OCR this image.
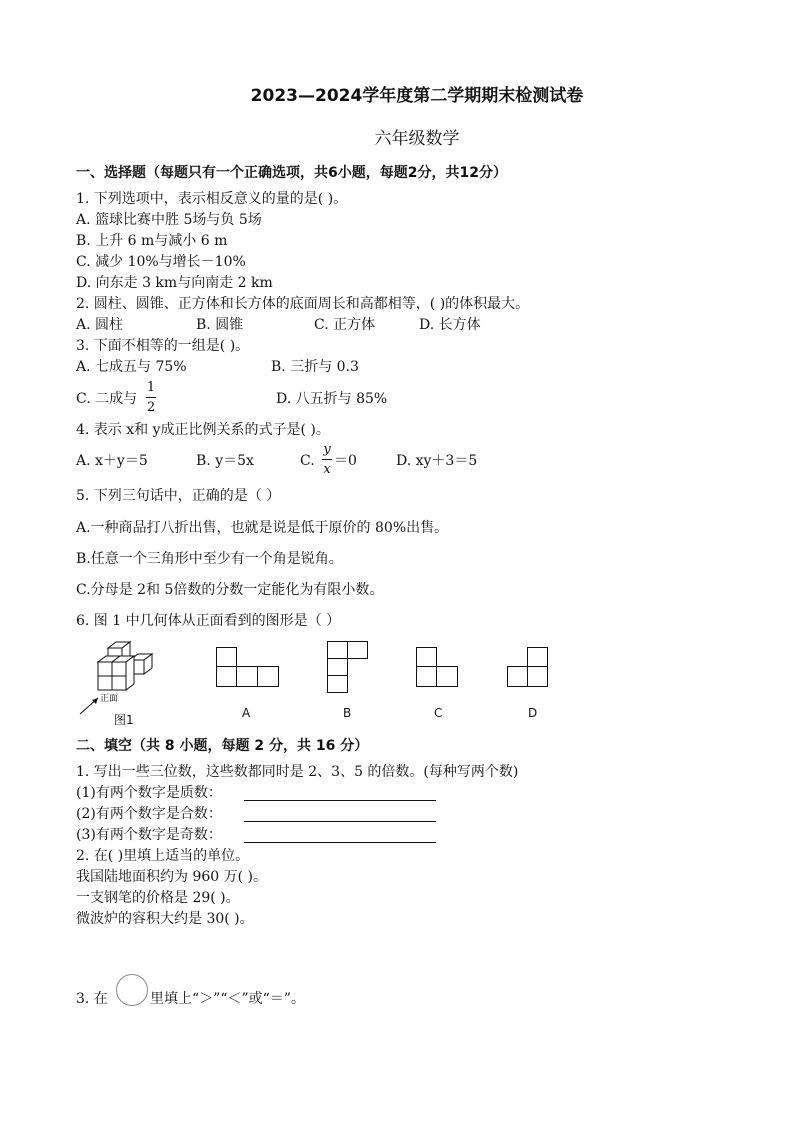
2023—2024学年度第二学期期末检测试卷
六年级数学
一、选择题（每题只有一个正确选项，共6小题，每题2分，共12分）
1. 下列选项中，表示相反意义的量的是( )。
A. 篮球比赛中胜 5场与负 5场
B. 上升 6 m与减小 6 m
C. 减少 10%与增长－10%
D. 向东走 3 km与向南走 2 km
2. 圆柱、圆锥、正方体和长方体的底面周长和高都相等，( )的体积最大。
A. 圆柱	B. 圆锥	C. 正方体	D. 长方体
3. 下面不相等的一组是( )。
A. 七成五与 75%	B. 三折与 0.3
C. 二成与
1
2
D. 八五折与 85%
4. 表示 x和 y成正比例关系的式子是( )。
A. x＋y＝5	B. y＝5x	C.
y
x
＝0	D. xy＋3＝5
5. 下列三句话中，正确的是（ ）
A.一种商品打八折出售，也就是说是低于原价的 80%出售。
B.任意一个三角形中至少有一个角是锐角。
C.分母是 2和 5倍数的分数一定能化为有限小数。
6. 图 1 中几何体从正面看到的图形是（ ）
正面
图1	A	B	C	D
二、填空（共 8 小题，每题 2 分，共 16 分）
1. 写出一些三位数，这些数都同时是 2、3、5 的倍数。(每种写两个数)
(1)有两个数字是质数：
(2)有两个数字是合数：
(3)有两个数字是奇数：
2. 在( )里填上适当的单位。
我国陆地面积约为 960 万( )。
一支钢笔的价格是 29( )。
微波炉的容积大约是 30( )。
3. 在	里填上“＞”“＜”或“＝”。
